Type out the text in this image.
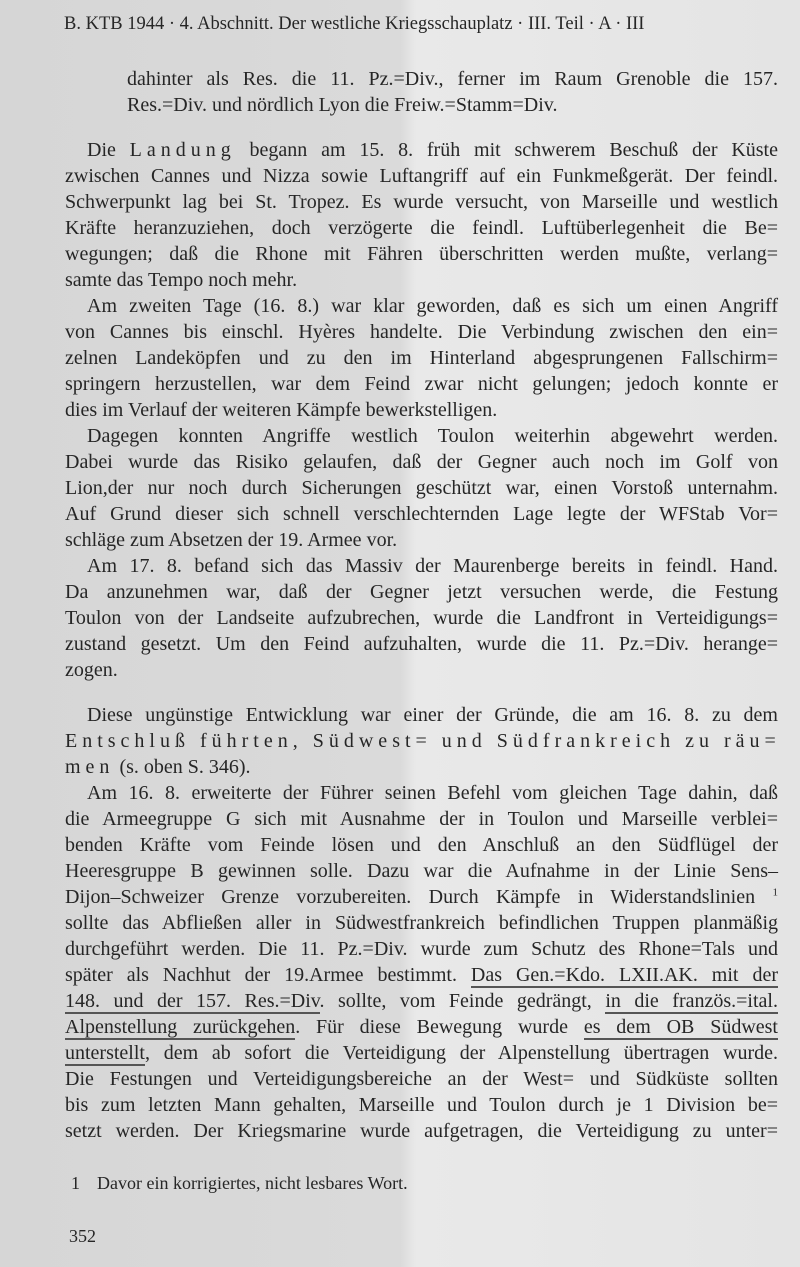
B. KTB 1944 · 4. Abschnitt. Der westliche Kriegsschauplatz · III. Teil · A · III
dahinter als Res. die 11. Pz.=Div., ferner im Raum Grenoble die 157.
Res.=Div. und nördlich Lyon die Freiw.=Stamm=Div.
Die Landung begann am 15. 8. früh mit schwerem Beschuß der Küste
zwischen Cannes und Nizza sowie Luftangriff auf ein Funkmeßgerät. Der feindl.
Schwerpunkt lag bei St. Tropez. Es wurde versucht, von Marseille und westlich
Kräfte heranzuziehen, doch verzögerte die feindl. Luftüberlegenheit die Be=
wegungen; daß die Rhone mit Fähren überschritten werden mußte, verlang=
samte das Tempo noch mehr.
Am zweiten Tage (16. 8.) war klar geworden, daß es sich um einen Angriff
von Cannes bis einschl. Hyères handelte. Die Verbindung zwischen den ein=
zelnen Landeköpfen und zu den im Hinterland abgesprungenen Fallschirm=
springern herzustellen, war dem Feind zwar nicht gelungen; jedoch konnte er
dies im Verlauf der weiteren Kämpfe bewerkstelligen.
Dagegen konnten Angriffe westlich Toulon weiterhin abgewehrt werden.
Dabei wurde das Risiko gelaufen, daß der Gegner auch noch im Golf von
Lion,der nur noch durch Sicherungen geschützt war, einen Vorstoß unternahm.
Auf Grund dieser sich schnell verschlechternden Lage legte der WFStab Vor=
schläge zum Absetzen der 19. Armee vor.
Am 17. 8. befand sich das Massiv der Maurenberge bereits in feindl. Hand.
Da anzunehmen war, daß der Gegner jetzt versuchen werde, die Festung
Toulon von der Landseite aufzubrechen, wurde die Landfront in Verteidigungs=
zustand gesetzt. Um den Feind aufzuhalten, wurde die 11. Pz.=Div. herange=
zogen.
Diese ungünstige Entwicklung war einer der Gründe, die am 16. 8. zu dem
Entschluß führten, Südwest= und Südfrankreich zu räu=
men (s. oben S. 346).
Am 16. 8. erweiterte der Führer seinen Befehl vom gleichen Tage dahin, daß
die Armeegruppe G sich mit Ausnahme der in Toulon und Marseille verblei=
benden Kräfte vom Feinde lösen und den Anschluß an den Südflügel der
Heeresgruppe B gewinnen solle. Dazu war die Aufnahme in der Linie Sens–
Dijon–Schweizer Grenze vorzubereiten. Durch Kämpfe in Widerstandslinien $^1$
sollte das Abfließen aller in Südwestfrankreich befindlichen Truppen planmäßig
durchgeführt werden. Die 11. Pz.=Div. wurde zum Schutz des Rhone=Tals und
später als Nachhut der 19.Armee bestimmt. Das Gen.=Kdo. LXII.AK. mit der
148. und der 157. Res.=Div. sollte, vom Feinde gedrängt, in die französ.=ital.
Alpenstellung zurückgehen. Für diese Bewegung wurde es dem OB Südwest
unterstellt, dem ab sofort die Verteidigung der Alpenstellung übertragen wurde.
Die Festungen und Verteidigungsbereiche an der West= und Südküste sollten
bis zum letzten Mann gehalten, Marseille und Toulon durch je 1 Division be=
setzt werden. Der Kriegsmarine wurde aufgetragen, die Verteidigung zu unter=
1 Davor ein korrigiertes, nicht lesbares Wort.
352
